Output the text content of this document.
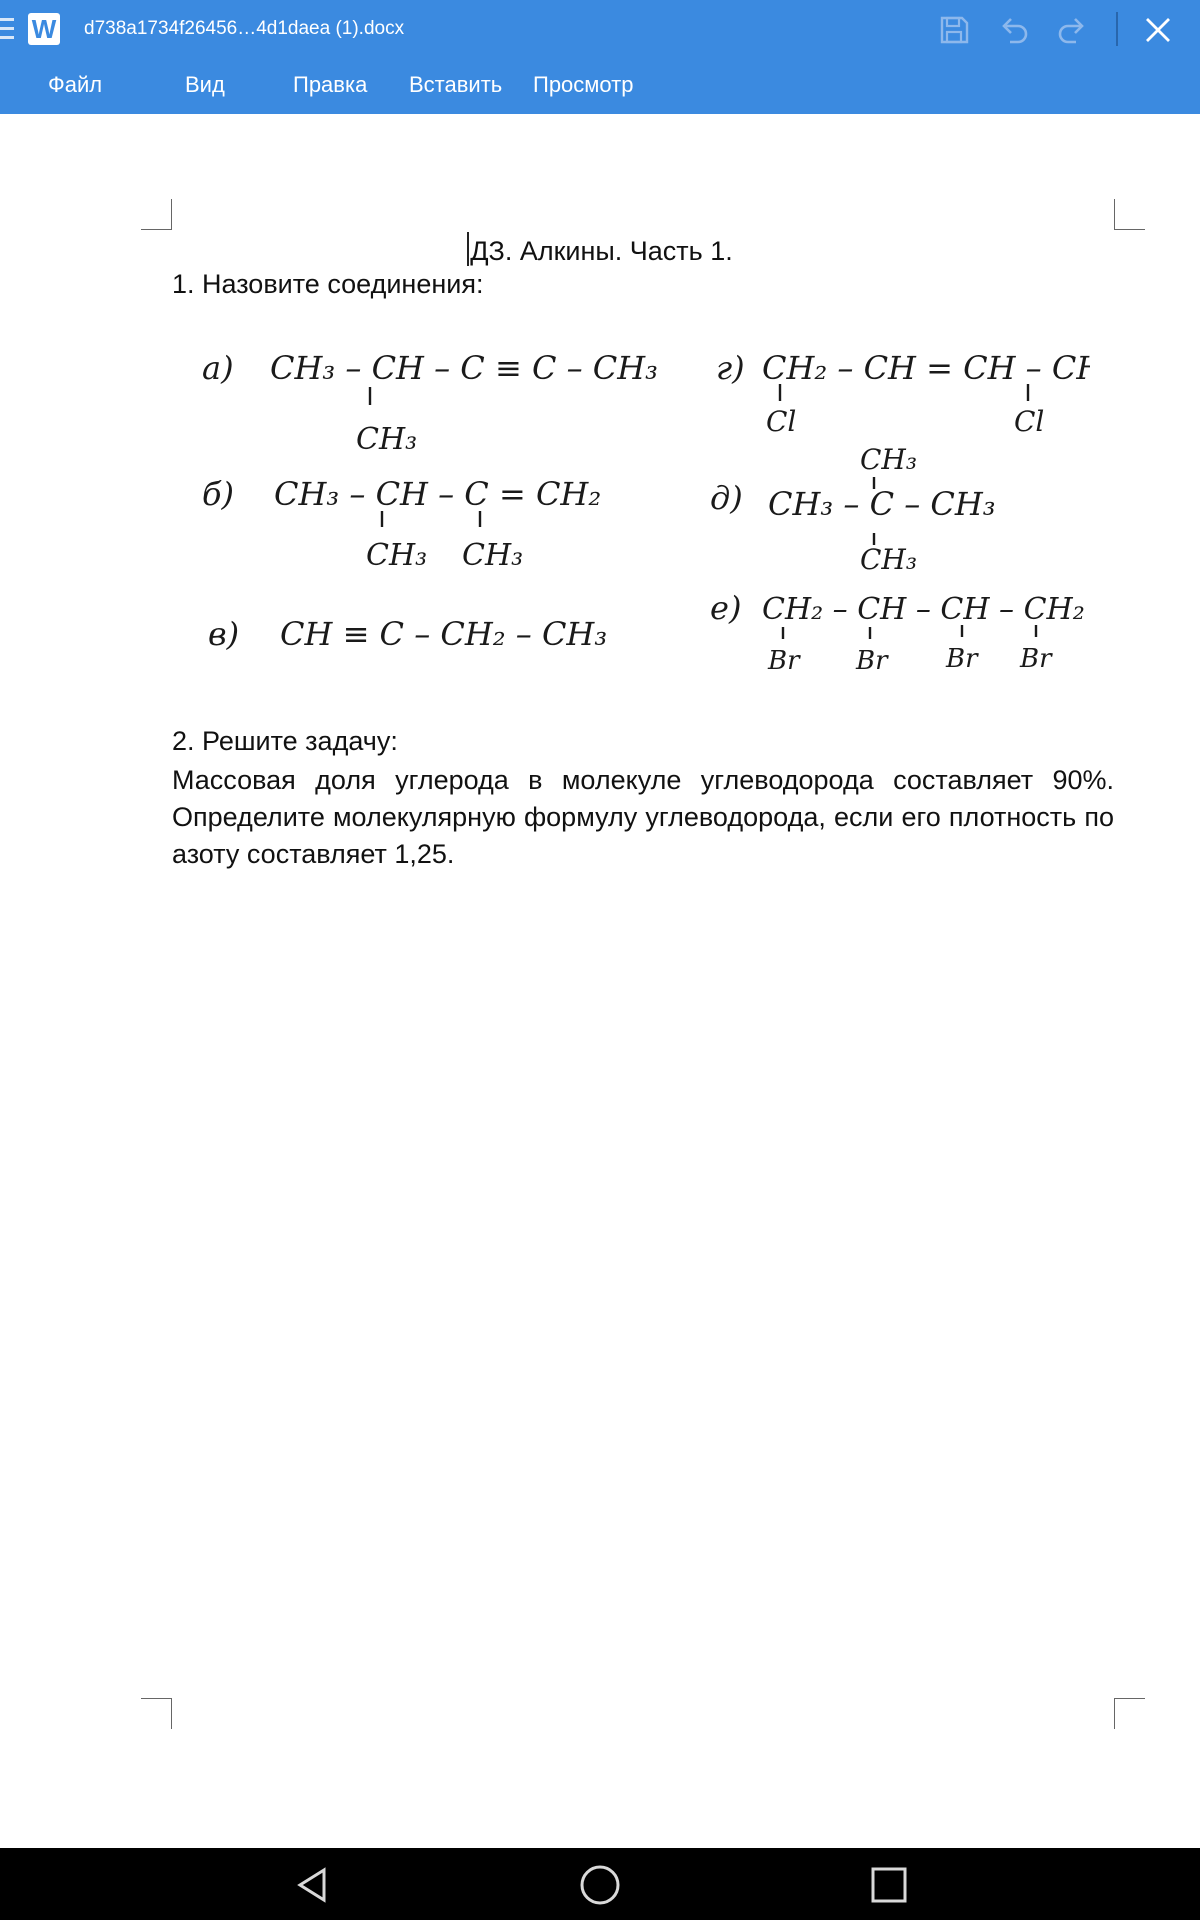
W d738a1734f26456…4d1daea (1).docx
Файл	Вид	Правка Вставить Просмотр
ДЗ. Алкины. Часть 1.
1. Назовите соединения:
а) CH₃ – CH – C ≡ C – CH₃
CH₃
б) CH₃ – CH – C = CH₂
CH₃ CH₃
в) CH ≡ C – CH₂ – CH₃
г) CH₂ – CH = CH – CH₂
Cl	Cl
д)
CH₃
CH₃ – C – CH₃
CH₃
е) CH₂ – CH – CH – CH₂
Br Br Br Br
2. Решите задачу:
Массовая доля углерода в молекуле углеводорода составляет 90%. Определите молекулярную формулу углеводорода, если его плотность по азоту составляет 1,25.
